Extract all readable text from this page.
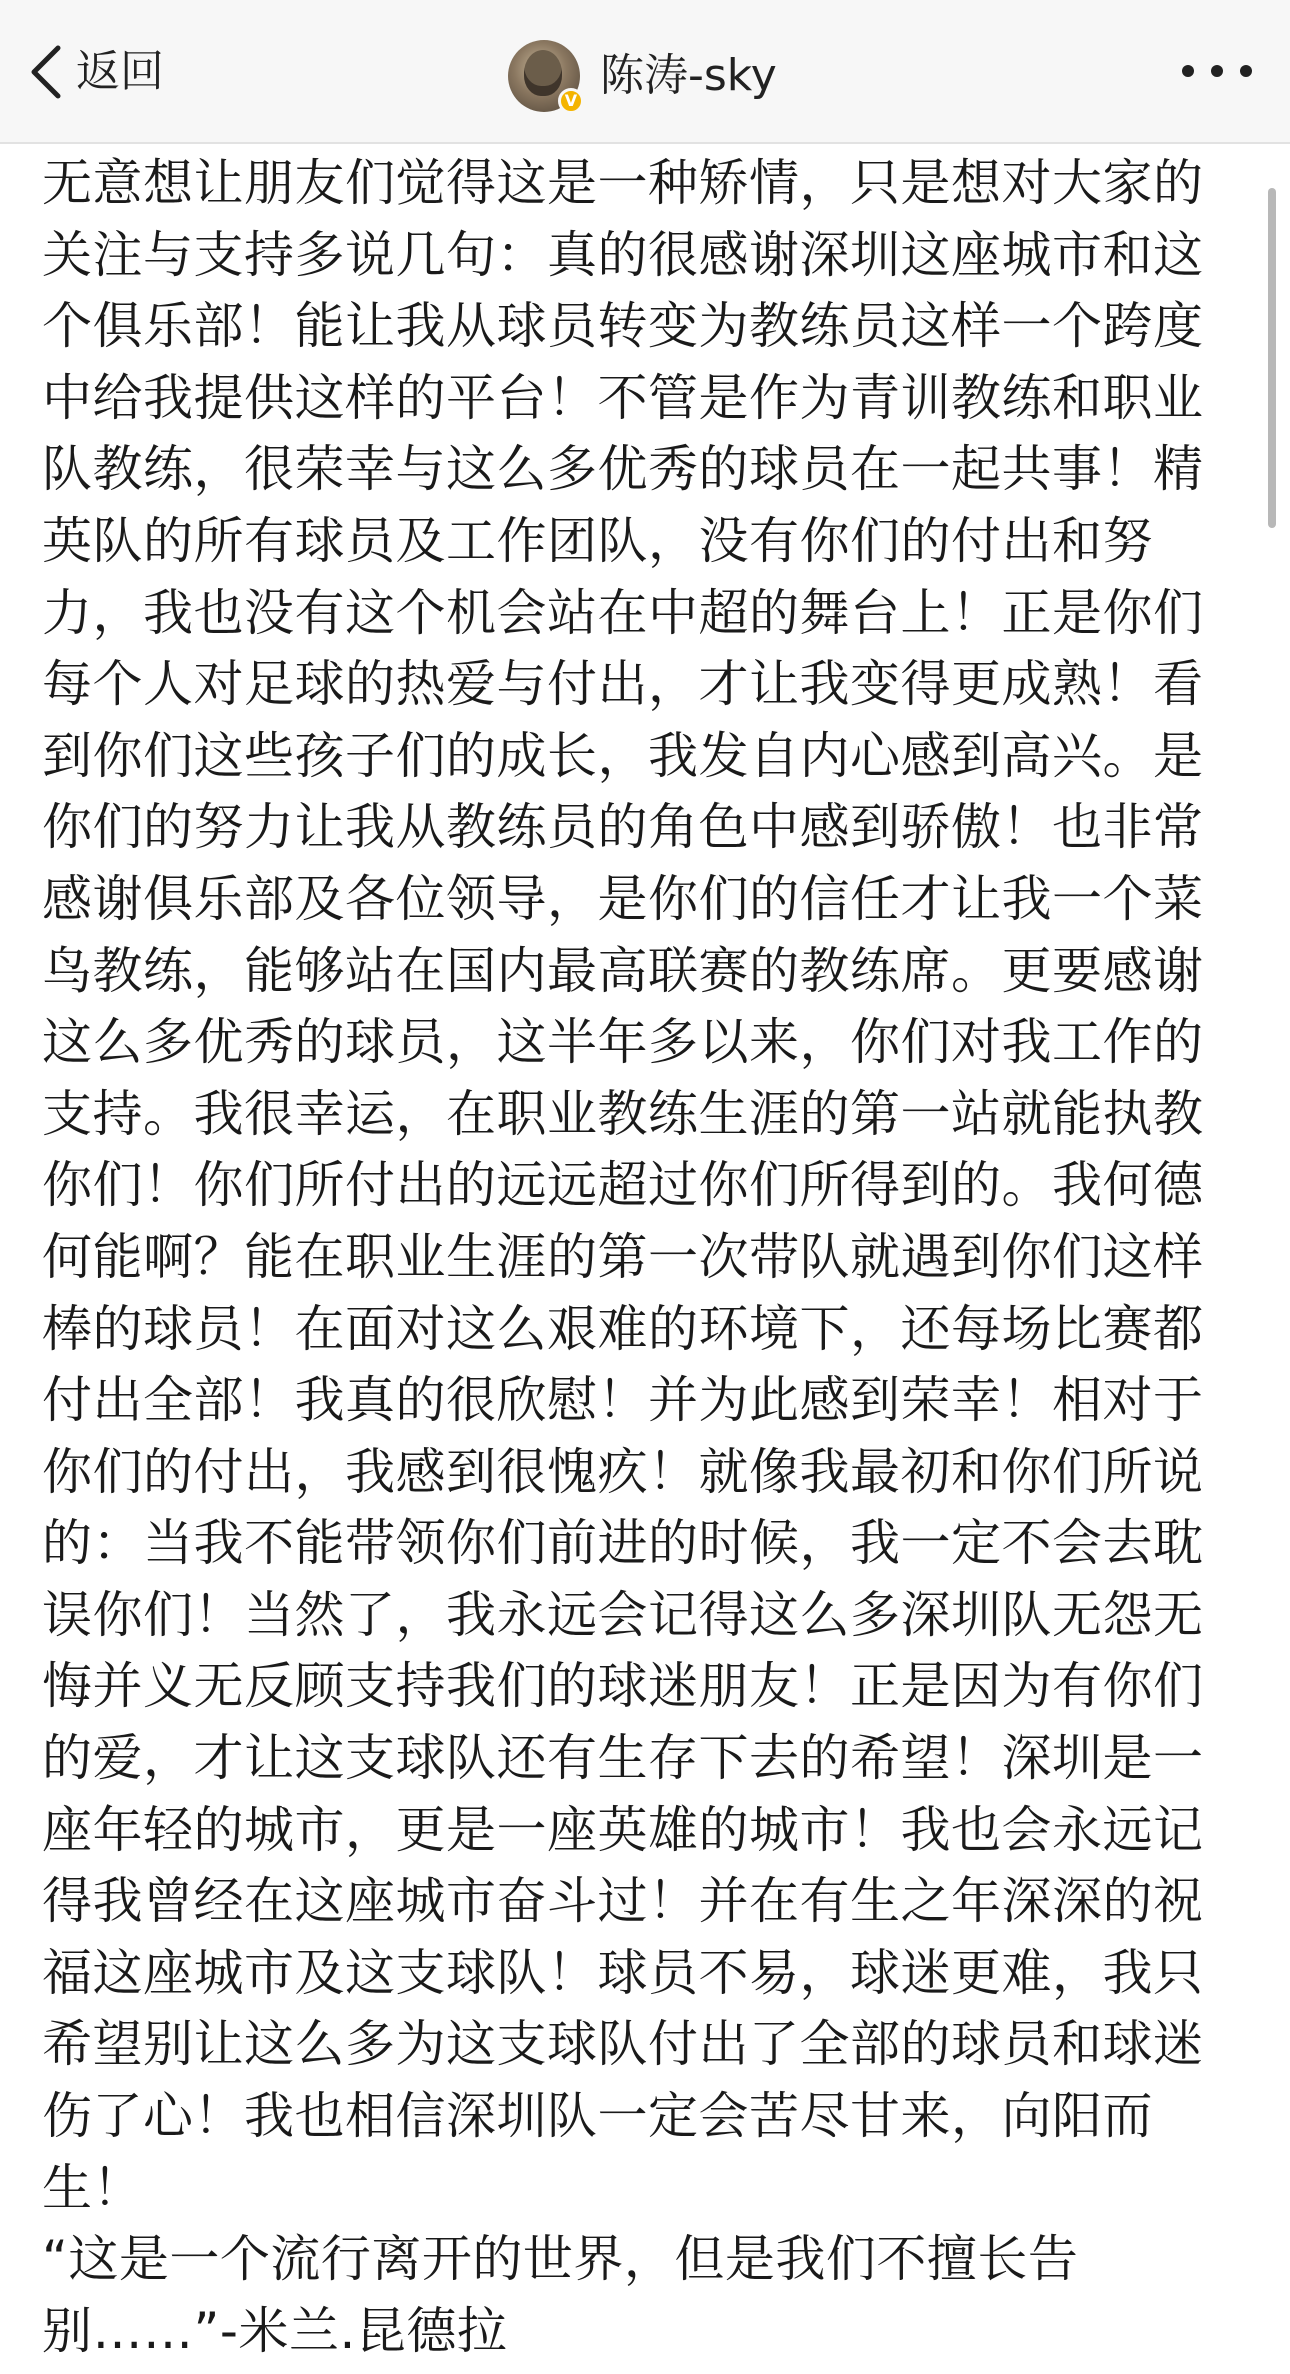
返回
V 陈涛-sky

无意想让朋友们觉得这是一种矫情，只是想对大家的关注与支持多说几句：真的很感谢深圳这座城市和这个俱乐部！能让我从球员转变为教练员这样一个跨度中给我提供这样的平台！不管是作为青训教练和职业队教练，很荣幸与这么多优秀的球员在一起共事！精英队的所有球员及工作团队，没有你们的付出和努力，我也没有这个机会站在中超的舞台上！正是你们每个人对足球的热爱与付出，才让我变得更成熟！看到你们这些孩子们的成长，我发自内心感到高兴。是你们的努力让我从教练员的角色中感到骄傲！也非常感谢俱乐部及各位领导，是你们的信任才让我一个菜鸟教练，能够站在国内最高联赛的教练席。更要感谢这么多优秀的球员，这半年多以来，你们对我工作的支持。我很幸运，在职业教练生涯的第一站就能执教你们！你们所付出的远远超过你们所得到的。我何德何能啊？能在职业生涯的第一次带队就遇到你们这样棒的球员！在面对这么艰难的环境下，还每场比赛都付出全部！我真的很欣慰！并为此感到荣幸！相对于你们的付出，我感到很愧疚！就像我最初和你们所说的：当我不能带领你们前进的时候，我一定不会去耽误你们！当然了，我永远会记得这么多深圳队无怨无悔并义无反顾支持我们的球迷朋友！正是因为有你们的爱，才让这支球队还有生存下去的希望！深圳是一座年轻的城市，更是一座英雄的城市！我也会永远记得我曾经在这座城市奋斗过！并在有生之年深深的祝福这座城市及这支球队！球员不易，球迷更难，我只希望别让这么多为这支球队付出了全部的球员和球迷伤了心！我也相信深圳队一定会苦尽甘来，向阳而生！

“这是一个流行离开的世界，但是我们不擅长告别……”-米兰.昆德拉
